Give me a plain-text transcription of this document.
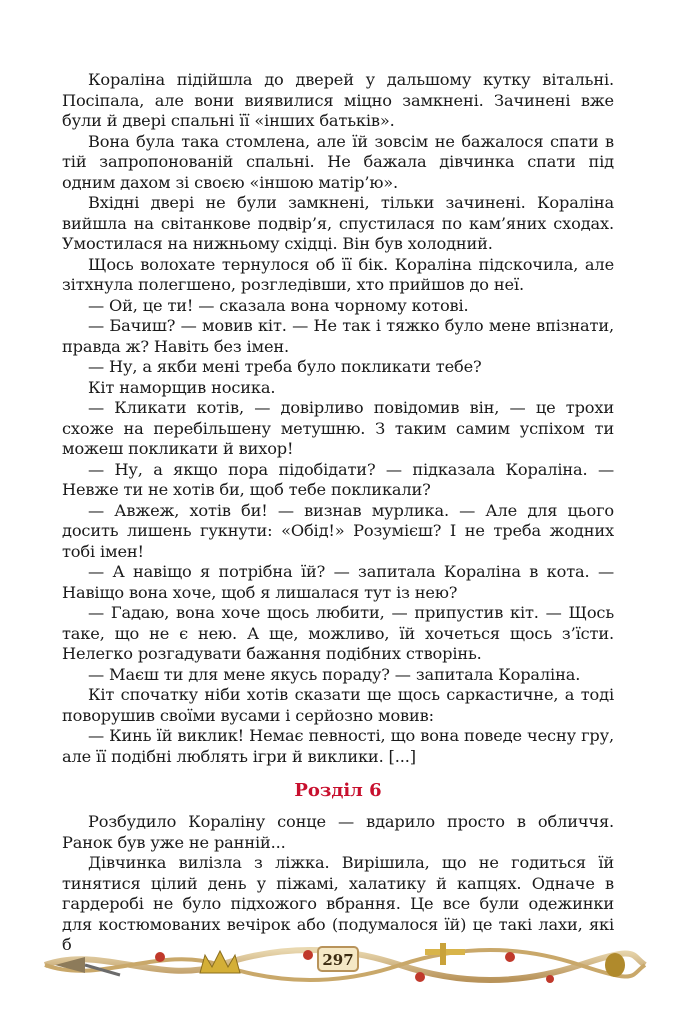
Кораліна підійшла до дверей у дальшому кутку вітальні. Посіпала, але вони виявилися міцно замкнені. Зачинені вже були й двері спальні її «інших батьків».

Вона була така стомлена, але їй зовсім не бажалося спати в тій запропонованій спальні. Не бажала дівчинка спати під одним дахом зі своєю «іншою матір’ю».

Вхідні двері не були замкнені, тільки зачинені. Кораліна вийшла на світанкове подвір’я, спустилася по кам’яних сходах. Умостилася на нижньому східці. Він був холодний.

Щось волохате тернулося об її бік. Кораліна підскочила, але зітхнула полегшено, розгледівши, хто прийшов до неї.

— Ой, це ти! — сказала вона чорному котові.

— Бачиш? — мовив кіт. — Не так і тяжко було мене впізнати, правда ж? Навіть без імен.

— Ну, а якби мені треба було покликати тебе?

Кіт наморщив носика.

— Кликати котів, — довірливо повідомив він, — це трохи схоже на перебільшену метушню. З таким самим успіхом ти можеш покликати й вихор!

— Ну, а якщо пора підобідати? — підказала Кораліна. — Невже ти не хотів би, щоб тебе покликали?

— Авжеж, хотів би! — визнав мурлика. — Але для цього досить лишень гукнути: «Обід!» Розумієш? І не треба жодних тобі імен!

— А навіщо я потрібна їй? — запитала Кораліна в кота. — Навіщо вона хоче, щоб я лишалася тут із нею?

— Гадаю, вона хоче щось любити, — припустив кіт. — Щось таке, що не є нею. А ще, можливо, їй хочеться щось з’їсти. Нелегко розгадувати бажання подібних створінь.

— Маєш ти для мене якусь пораду? — запитала Кораліна.

Кіт спочатку ніби хотів сказати ще щось саркастичне, а тоді поворушив своїми вусами і серйозно мовив:

— Кинь їй виклик! Немає певності, що вона поведе чесну гру, але її подібні люблять ігри й виклики. [...]

Розділ 6

Розбудило Кораліну сонце — вдарило просто в обличчя. Ранок був уже не ранній...

Дівчинка вилізла з ліжка. Вирішила, що не годиться їй тинятися цілий день у піжамі, халатику й капцях. Одначе в гардеробі не було підхожого вбрання. Це все були одежинки для костюмованих вечірок або (подумалося їй) це такі лахи, які б

297
